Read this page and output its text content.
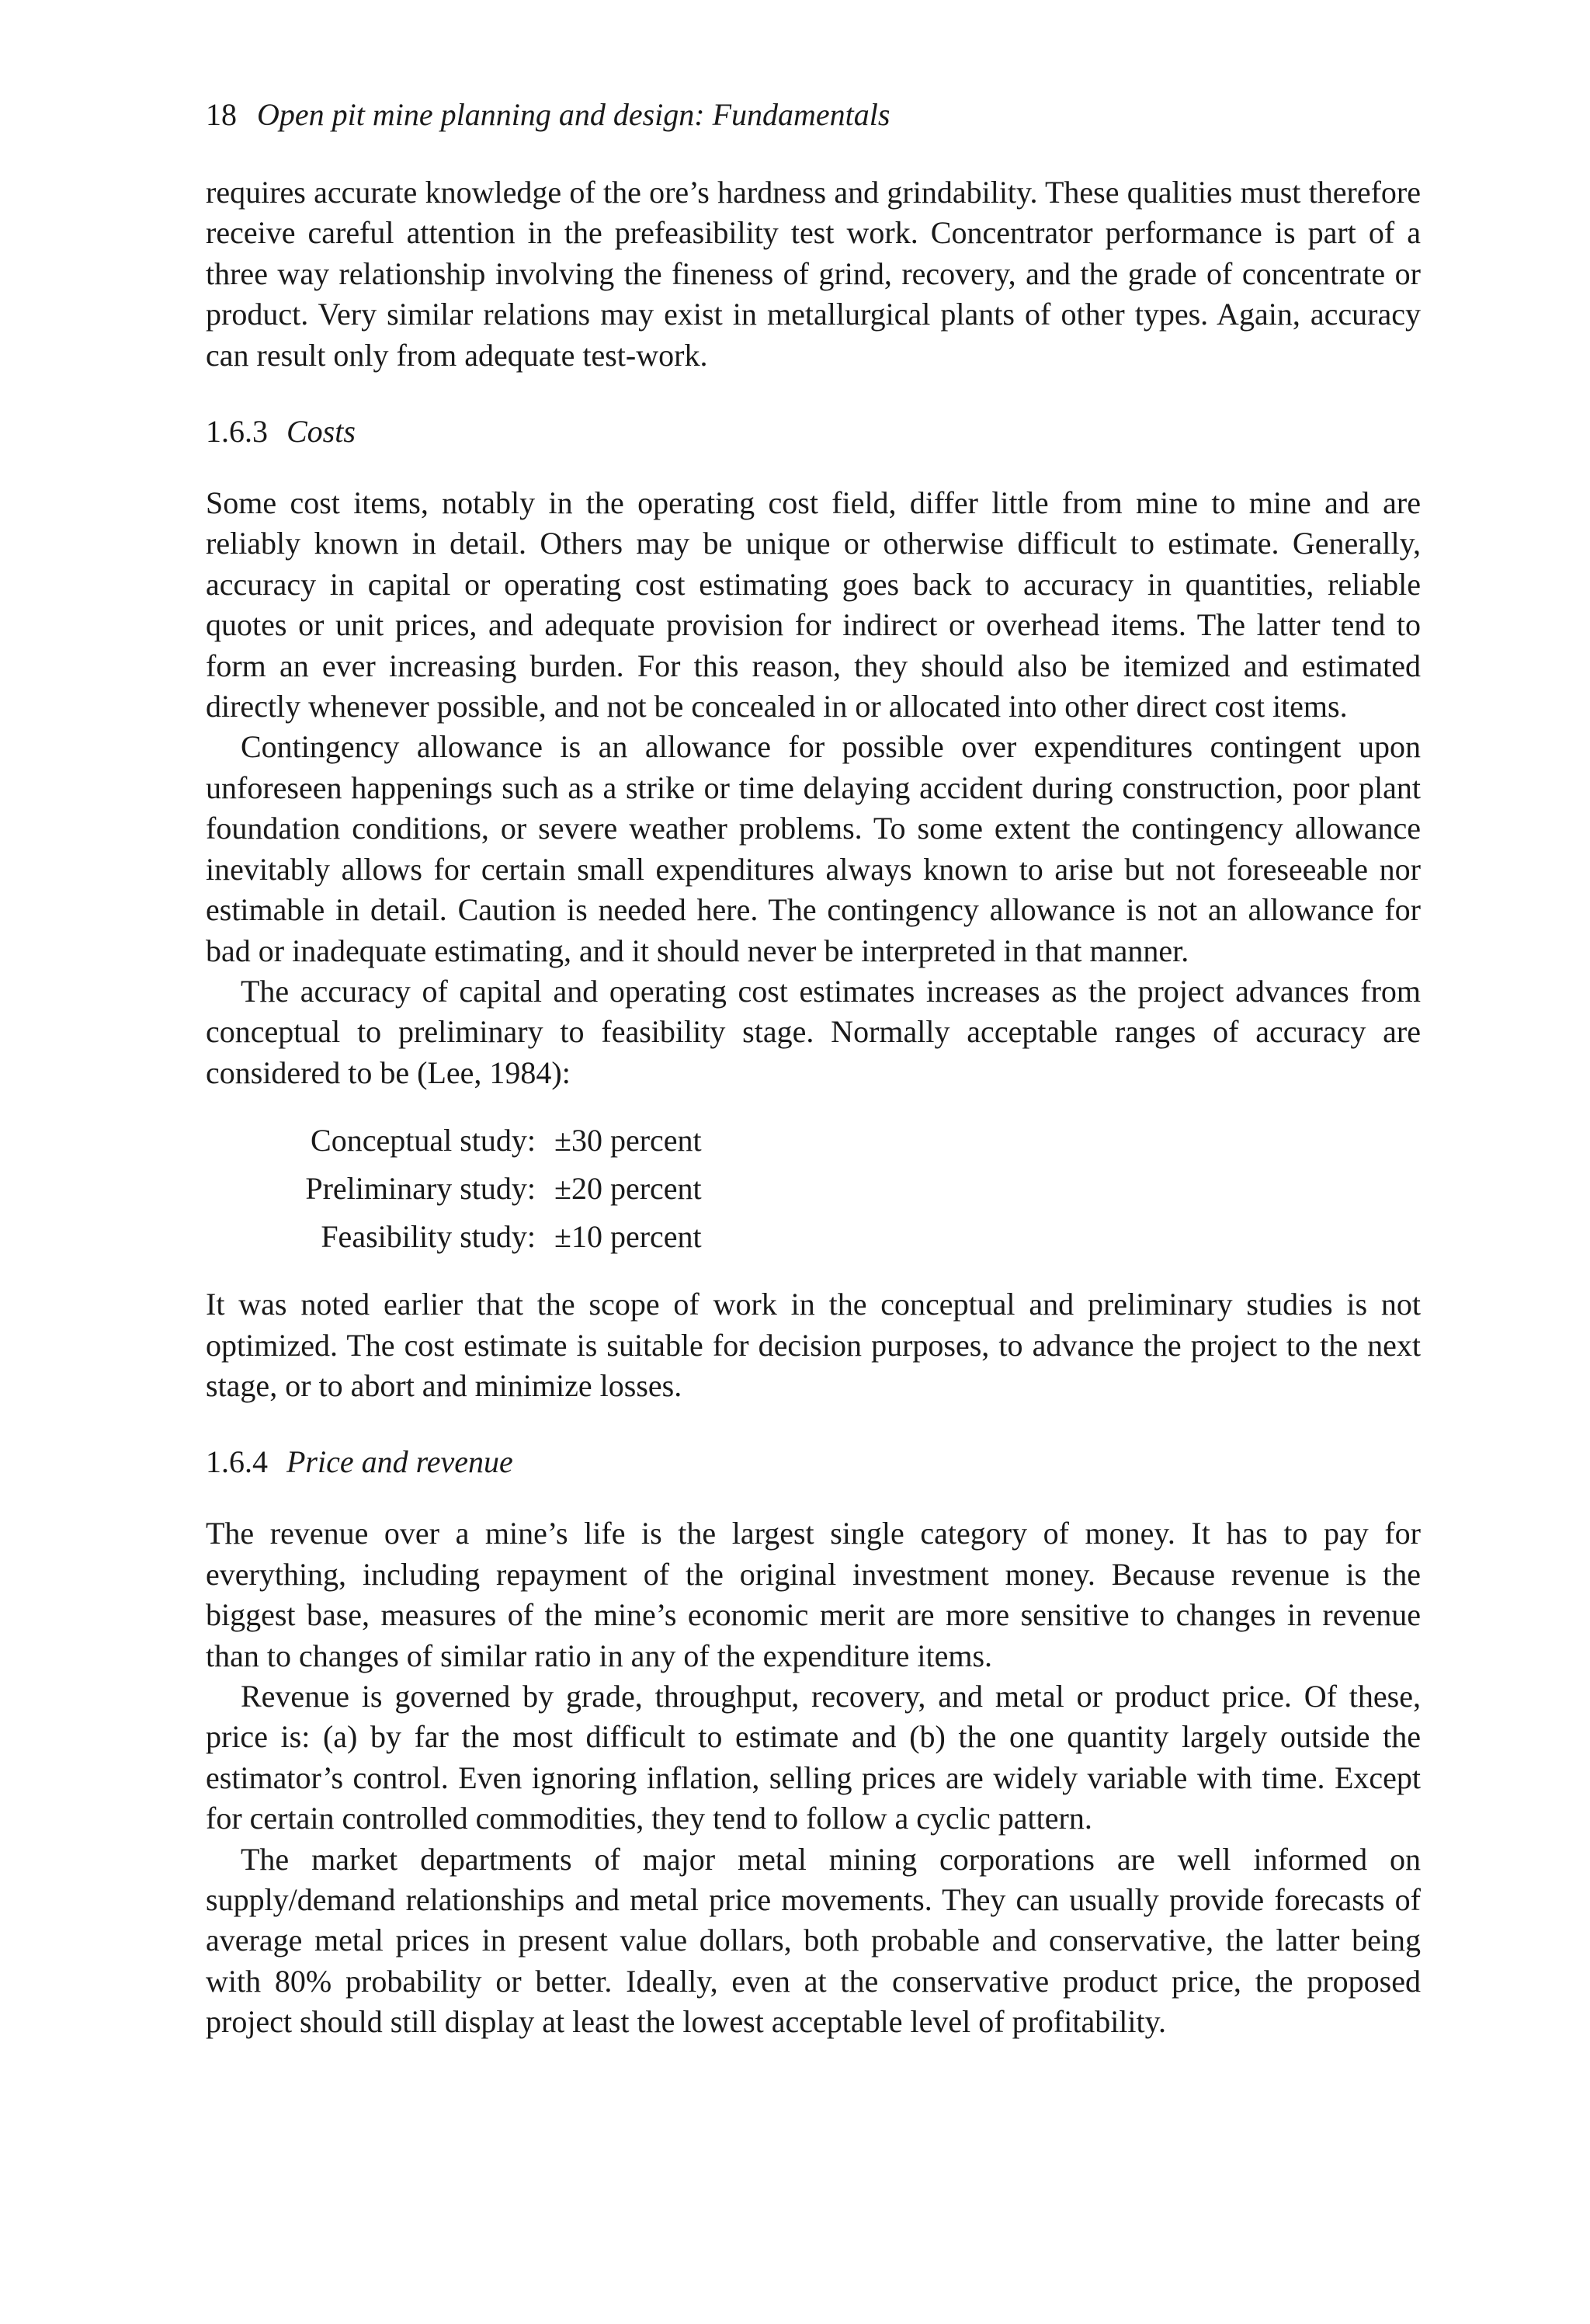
18 Open pit mine planning and design: Fundamentals

requires accurate knowledge of the ore’s hardness and grindability. These qualities must therefore receive careful attention in the prefeasibility test work. Concentrator performance is part of a three way relationship involving the fineness of grind, recovery, and the grade of concentrate or product. Very similar relations may exist in metallurgical plants of other types. Again, accuracy can result only from adequate test-work.

1.6.3 Costs

Some cost items, notably in the operating cost field, differ little from mine to mine and are reliably known in detail. Others may be unique or otherwise difficult to estimate. Generally, accuracy in capital or operating cost estimating goes back to accuracy in quantities, reliable quotes or unit prices, and adequate provision for indirect or overhead items. The latter tend to form an ever increasing burden. For this reason, they should also be itemized and estimated directly whenever possible, and not be concealed in or allocated into other direct cost items.

Contingency allowance is an allowance for possible over expenditures contingent upon unforeseen happenings such as a strike or time delaying accident during construction, poor plant foundation conditions, or severe weather problems. To some extent the contingency allowance inevitably allows for certain small expenditures always known to arise but not foreseeable nor estimable in detail. Caution is needed here. The contingency allowance is not an allowance for bad or inadequate estimating, and it should never be interpreted in that manner.

The accuracy of capital and operating cost estimates increases as the project advances from conceptual to preliminary to feasibility stage. Normally acceptable ranges of accuracy are considered to be (Lee, 1984):

Conceptual study:	±30 percent
Preliminary study:	±20 percent
Feasibility study:	±10 percent

It was noted earlier that the scope of work in the conceptual and preliminary studies is not optimized. The cost estimate is suitable for decision purposes, to advance the project to the next stage, or to abort and minimize losses.

1.6.4 Price and revenue

The revenue over a mine’s life is the largest single category of money. It has to pay for everything, including repayment of the original investment money. Because revenue is the biggest base, measures of the mine’s economic merit are more sensitive to changes in revenue than to changes of similar ratio in any of the expenditure items.

Revenue is governed by grade, throughput, recovery, and metal or product price. Of these, price is: (a) by far the most difficult to estimate and (b) the one quantity largely outside the estimator’s control. Even ignoring inflation, selling prices are widely variable with time. Except for certain controlled commodities, they tend to follow a cyclic pattern.

The market departments of major metal mining corporations are well informed on supply/demand relationships and metal price movements. They can usually provide forecasts of average metal prices in present value dollars, both probable and conservative, the latter being with 80% probability or better. Ideally, even at the conservative product price, the proposed project should still display at least the lowest acceptable level of profitability.
